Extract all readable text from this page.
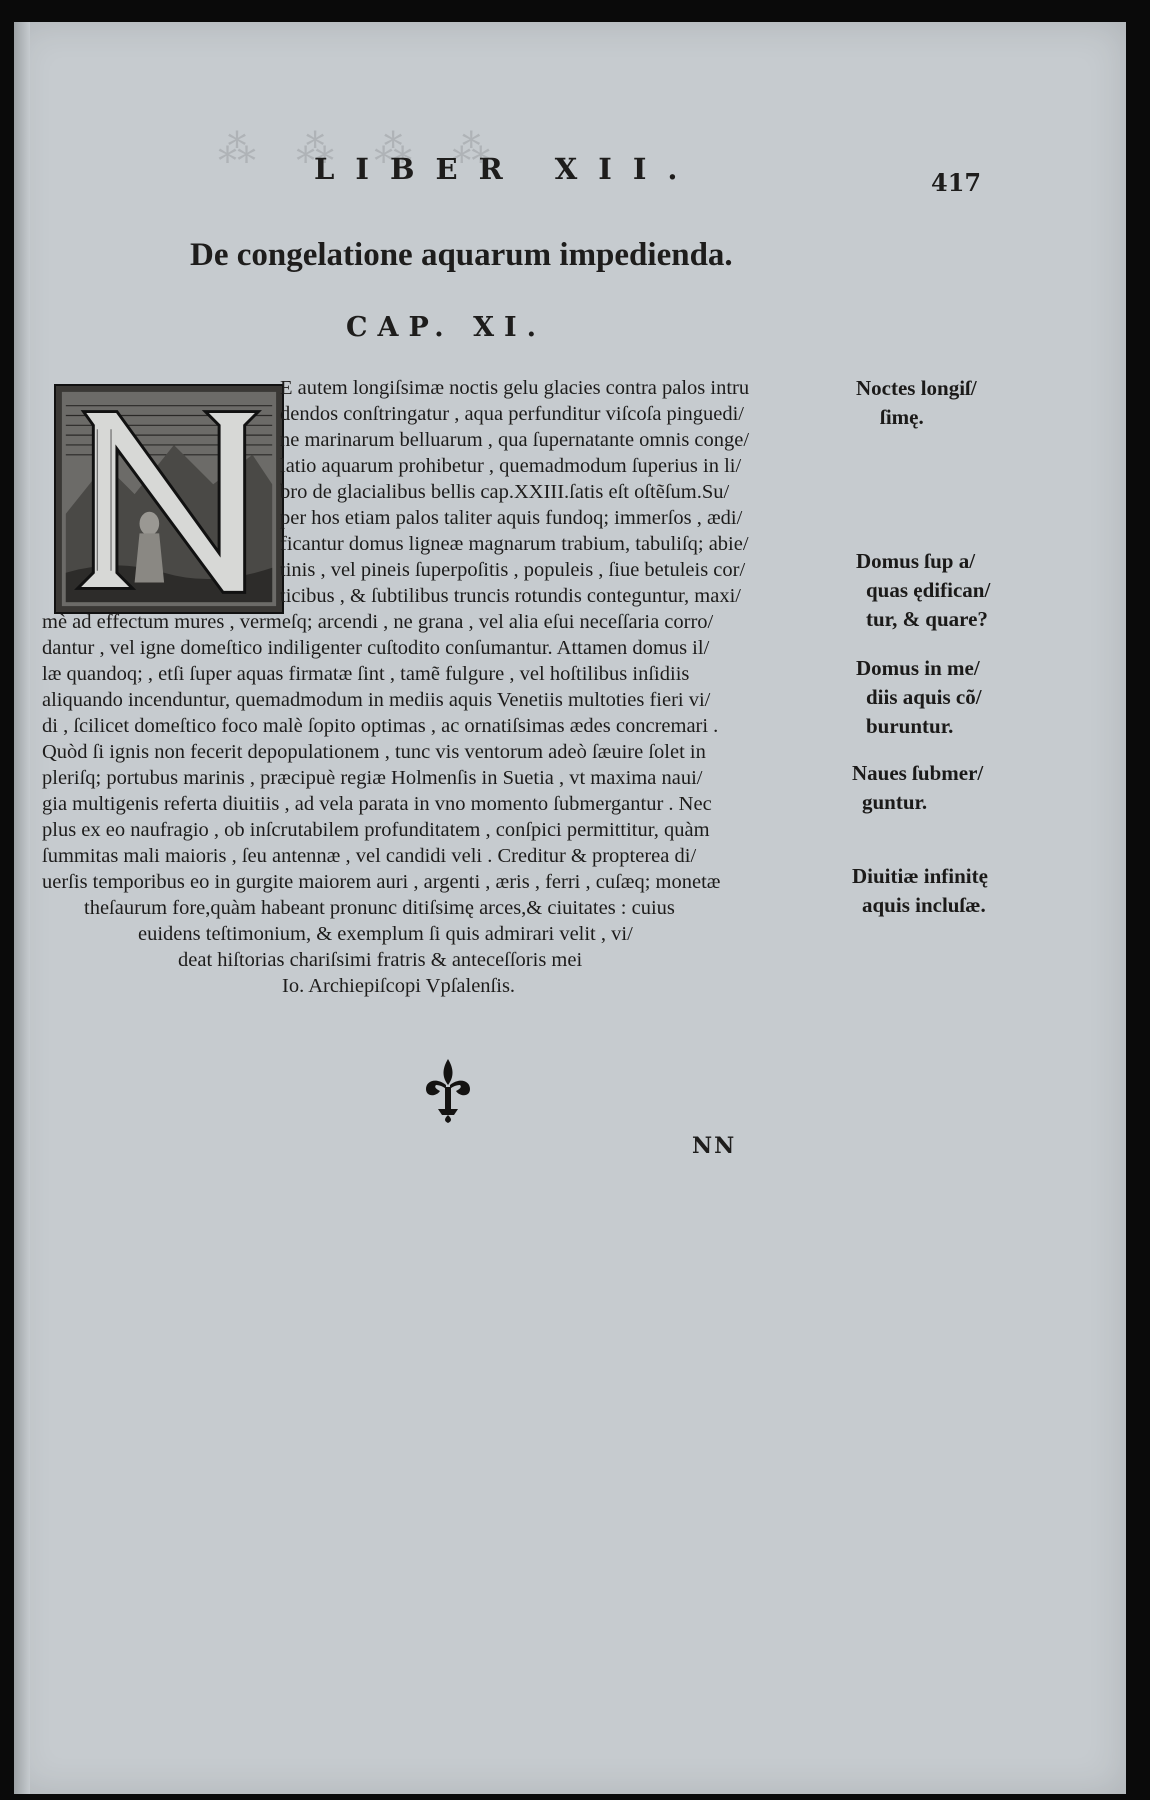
⁂ ⁂ ⁂ ⁂
LIBER XII.	417
De congelatione aquarum impedienda.
CAP. XI.
E autem longiſsimæ noctis gelu glacies contra palos intru
dendos conſtringatur , aqua perfunditur viſcoſa pinguedi/
ne marinarum belluarum , qua ſupernatante omnis conge/
latio aquarum prohibetur , quemadmodum ſuperius in li/
bro de glacialibus bellis cap.XXIII.ſatis eſt oſtẽſum.Su/
per hos etiam palos taliter aquis fundoq; immerſos , ædi/
ficantur domus ligneæ magnarum trabium, tabuliſq; abie/
tinis , vel pineis ſuperpoſitis , populeis , ſiue betuleis cor/
ticibus , & ſubtilibus truncis rotundis conteguntur, maxi/
mè ad effectum mures , vermeſq; arcendi , ne grana , vel alia eſui neceſſaria corro/
dantur , vel igne domeſtico indiligenter cuſtodito conſumantur. Attamen domus il/
læ quandoq; , etſi ſuper aquas firmatæ ſint , tamẽ fulgure , vel hoſtilibus inſidiis
aliquando incenduntur, quemadmodum in mediis aquis Venetiis multoties fieri vi/
di , ſcilicet domeſtico foco malè ſopito optimas , ac ornatiſsimas ædes concremari .
Quòd ſi ignis non fecerit depopulationem , tunc vis ventorum adeò ſæuire ſolet in
pleriſq; portubus marinis , præcipuè regiæ Holmenſis in Suetia , vt maxima naui/
gia multigenis referta diuitiis , ad vela parata in vno momento ſubmergantur . Nec
plus ex eo naufragio , ob inſcrutabilem profunditatem , conſpici permittitur, quàm
ſummitas mali maioris , ſeu antennæ , vel candidi veli . Creditur & propterea di/
uerſis temporibus eo in gurgite maiorem auri , argenti , æris , ferri , cuſæq; monetæ
theſaurum fore,quàm habeant pronunc ditiſsimę arces,& ciuitates : cuius
euidens teſtimonium, & exemplum ſi quis admirari velit , vi/
deat hiſtorias chariſsimi fratris & anteceſſoris mei
Io. Archiepiſcopi Vpſalenſis.
Noctes longiſ/
ſimę.
Domus ſup a/
quas ędifican/
tur, & quare?
Domus in me/
diis aquis cõ/
buruntur.
Naues ſubmer/
guntur.
Diuitiæ infinitę
aquis incluſæ.
NN
